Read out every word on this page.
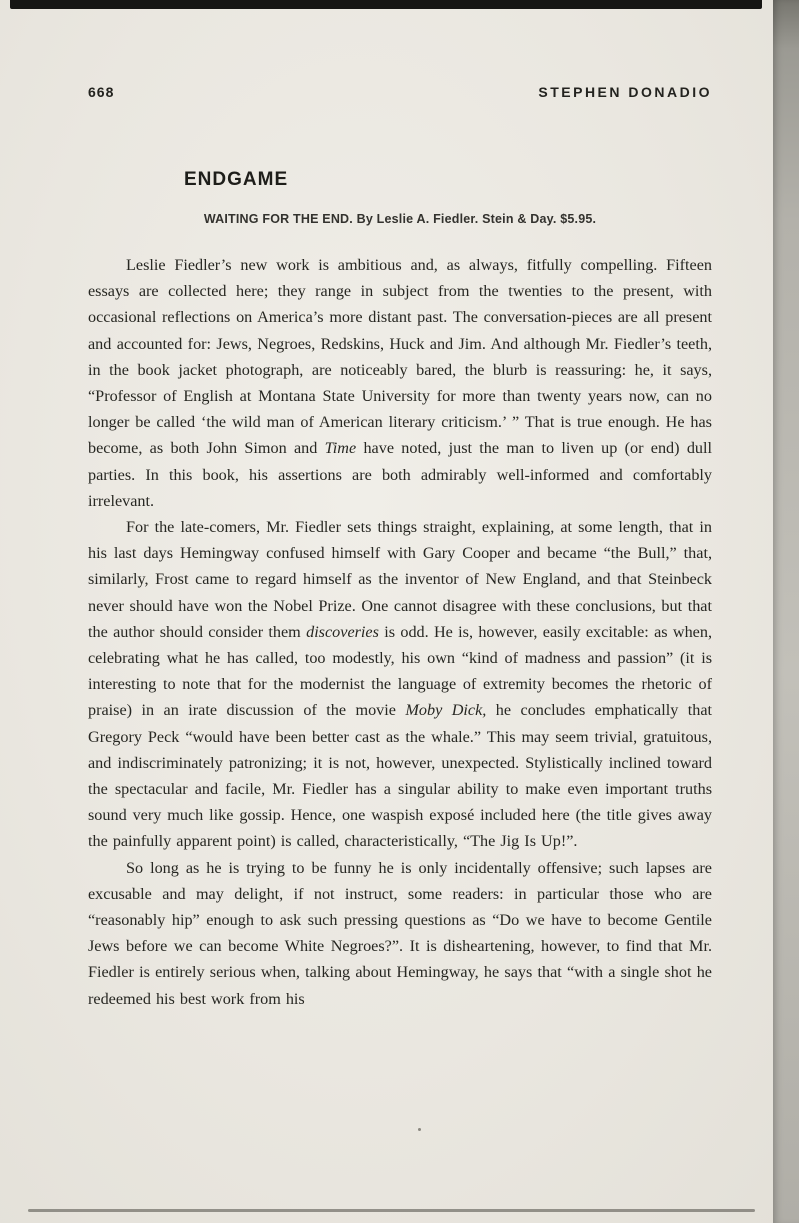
668	STEPHEN DONADIO
ENDGAME
WAITING FOR THE END. By Leslie A. Fiedler. Stein & Day. $5.95.

Leslie Fiedler’s new work is ambitious and, as always, fitfully compelling. Fifteen essays are collected here; they range in subject from the twenties to the present, with occasional reflections on America’s more distant past. The conversation-pieces are all present and accounted for: Jews, Negroes, Redskins, Huck and Jim. And although Mr. Fiedler’s teeth, in the book jacket photograph, are noticeably bared, the blurb is reassuring: he, it says, “Professor of English at Montana State University for more than twenty years now, can no longer be called ‘the wild man of American literary criticism.’ ” That is true enough. He has become, as both John Simon and Time have noted, just the man to liven up (or end) dull parties. In this book, his assertions are both admirably well-informed and comfortably irrelevant.

For the late-comers, Mr. Fiedler sets things straight, explaining, at some length, that in his last days Hemingway confused himself with Gary Cooper and became “the Bull,” that, similarly, Frost came to regard himself as the inventor of New England, and that Steinbeck never should have won the Nobel Prize. One cannot disagree with these conclusions, but that the author should consider them discoveries is odd. He is, however, easily excitable: as when, celebrating what he has called, too modestly, his own “kind of madness and passion” (it is interesting to note that for the modernist the language of extremity becomes the rhetoric of praise) in an irate discussion of the movie Moby Dick, he concludes emphatically that Gregory Peck “would have been better cast as the whale.” This may seem trivial, gratuitous, and indiscriminately patronizing; it is not, however, unexpected. Stylistically inclined toward the spectacular and facile, Mr. Fiedler has a singular ability to make even important truths sound very much like gossip. Hence, one waspish exposé included here (the title gives away the painfully apparent point) is called, characteristically, “The Jig Is Up!”.

So long as he is trying to be funny he is only incidentally offensive; such lapses are excusable and may delight, if not instruct, some readers: in particular those who are “reasonably hip” enough to ask such pressing questions as “Do we have to become Gentile Jews before we can become White Negroes?”. It is disheartening, however, to find that Mr. Fiedler is entirely serious when, talking about Hemingway, he says that “with a single shot he redeemed his best work from his
